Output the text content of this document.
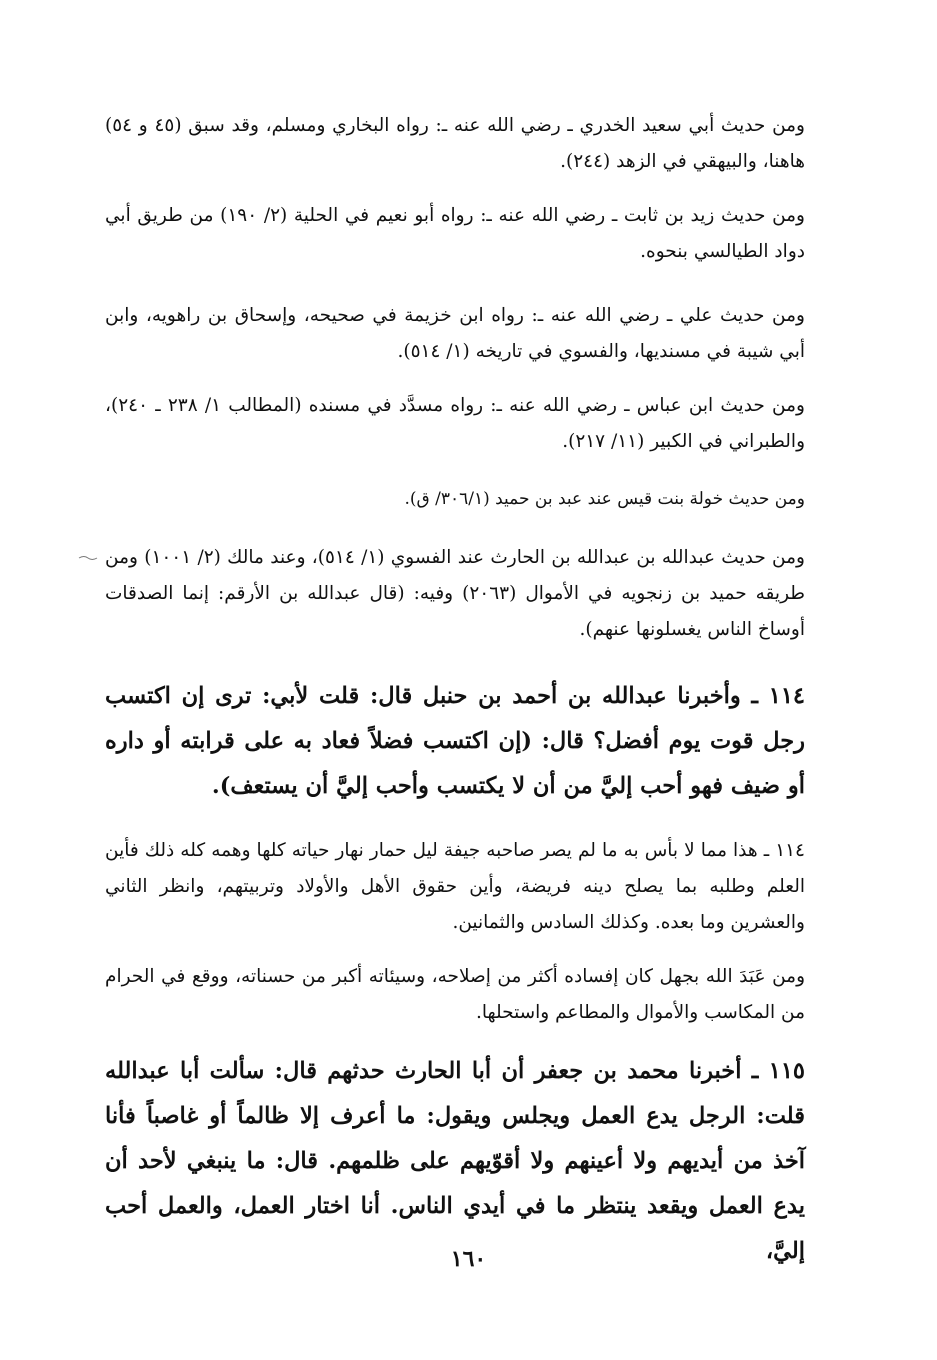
ومن حديث أبي سعيد الخدري ـ رضي الله عنه ـ: رواه البخاري ومسلم، وقد سبق (٤٥ و ٥٤) هاهنا، والبيهقي في الزهد (٢٤٤).

ومن حديث زيد بن ثابت ـ رضي الله عنه ـ: رواه أبو نعيم في الحلية (٢/ ١٩٠) من طريق أبي دواد الطيالسي بنحوه.

ومن حديث علي ـ رضي الله عنه ـ: رواه ابن خزيمة في صحيحه، وإسحاق بن راهويه، وابن أبي شيبة في مسنديها، والفسوي في تاريخه (١/ ٥١٤).

ومن حديث ابن عباس ـ رضي الله عنه ـ: رواه مسدَّد في مسنده (المطالب ١/ ٢٣٨ ـ ٢٤٠)، والطبراني في الكبير (١١/ ٢١٧).

ومن حديث خولة بنت قيس عند عبد بن حميد (٣٠٦/١/ ق).

ومن حديث عبدالله بن عبدالله بن الحارث عند الفسوي (١/ ٥١٤)، وعند مالك (٢/ ١٠٠١) ومن طريقه حميد بن زنجويه في الأموال (٢٠٦٣) وفيه: (قال عبدالله بن الأرقم: إنما الصدقات أوساخ الناس يغسلونها عنهم).

١١٤ ـ وأخبرنا عبدالله بن أحمد بن حنبل قال: قلت لأبي: ترى إن اكتسب رجل قوت يوم أفضل؟ قال: (إن اكتسب فضلاً فعاد به على قرابته أو داره أو ضيف فهو أحب إليَّ من أن لا يكتسب وأحب إليَّ أن يستعف).

١١٤ ـ هذا مما لا بأس به ما لم يصر صاحبه جيفة ليل حمار نهار حياته كلها وهمه كله ذلك فأين العلم وطلبه بما يصلح دينه فريضة، وأين حقوق الأهل والأولاد وتربيتهم، وانظر الثاني والعشرين وما بعده. وكذلك السادس والثمانين.

ومن عَبَدَ الله بجهل كان إفساده أكثر من إصلاحه، وسيئاته أكبر من حسناته، ووقع في الحرام من المكاسب والأموال والمطاعم واستحلها.

١١٥ ـ أخبرنا محمد بن جعفر أن أبا الحارث حدثهم قال: سألت أبا عبدالله قلت: الرجل يدع العمل ويجلس ويقول: ما أعرف إلا ظالماً أو غاصباً فأنا آخذ من أيديهم ولا أعينهم ولا أقوّيهم على ظلمهم. قال: ما ينبغي لأحد أن يدع العمل ويقعد ينتظر ما في أيدي الناس. أنا اختار العمل، والعمل أحب إليَّ،

١٦٠
